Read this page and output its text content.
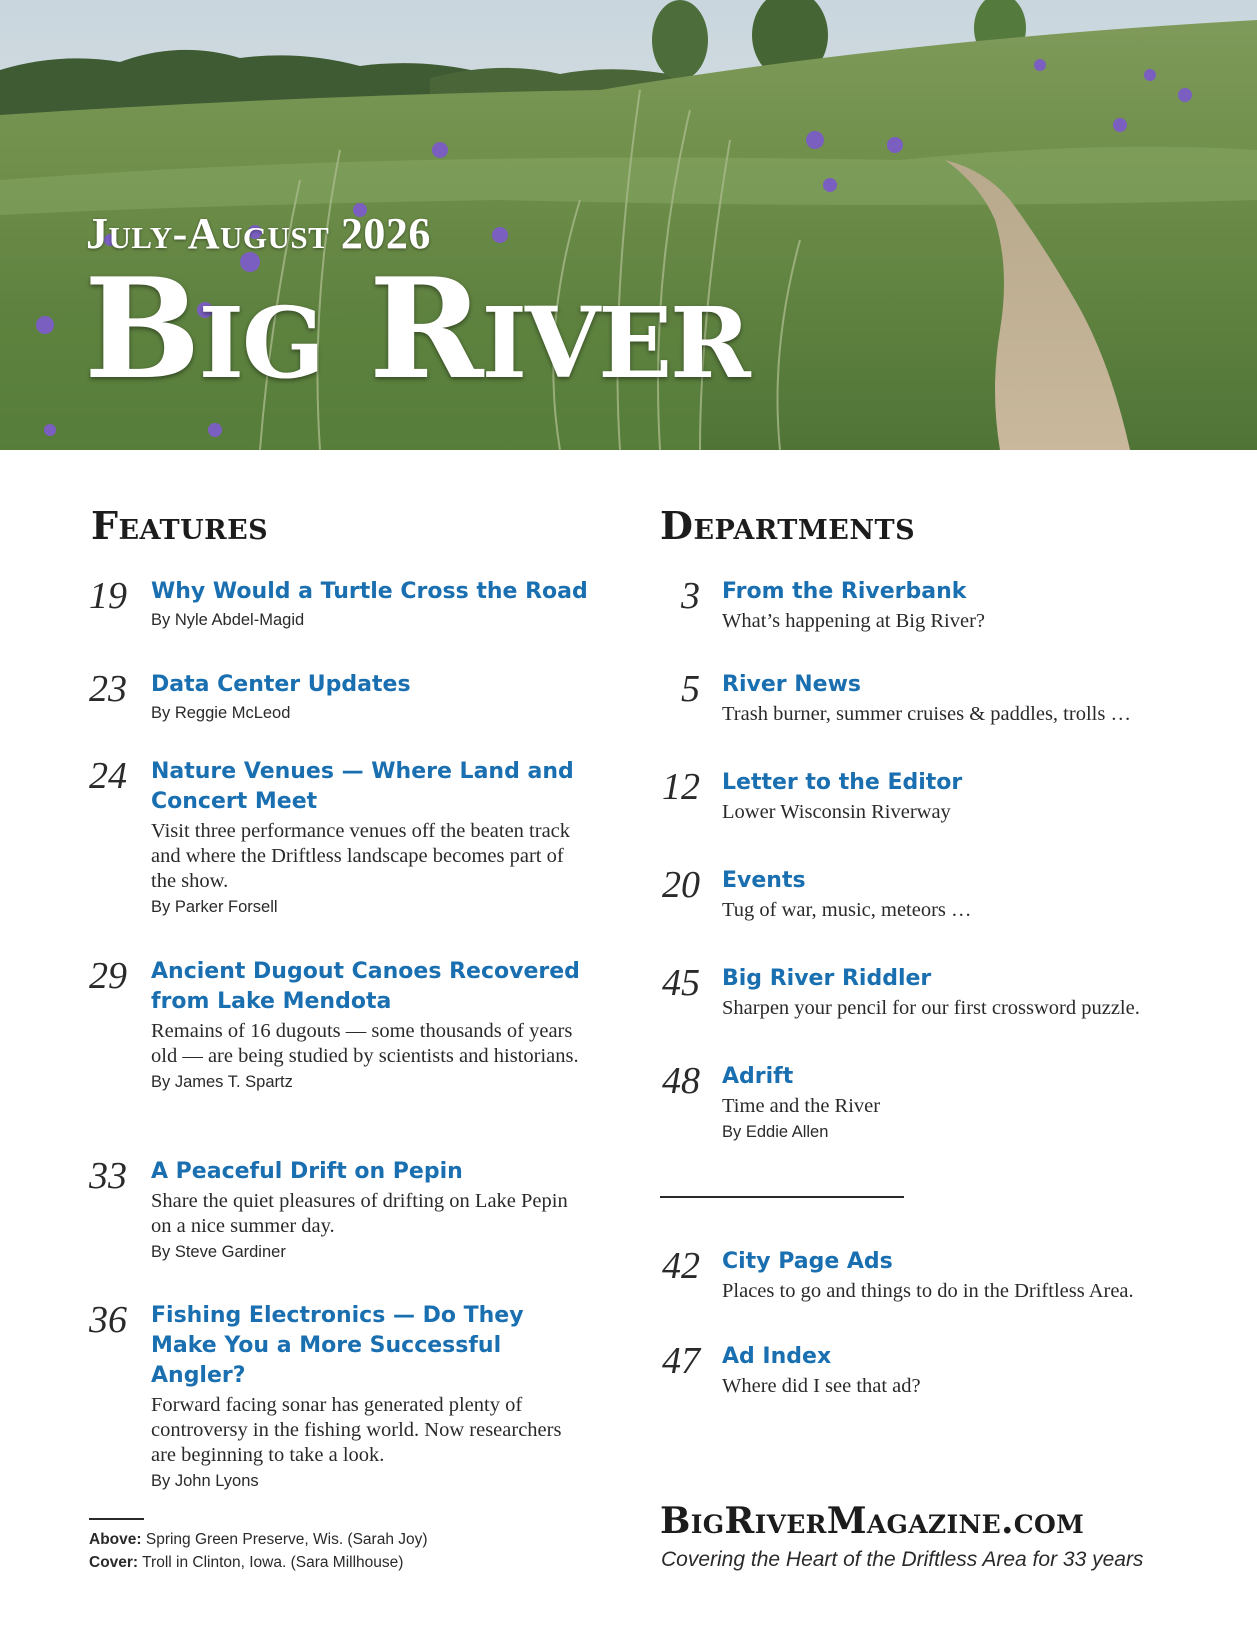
July-August 2026
Big River
Features
19 Why Would a Turtle Cross the Road
By Nyle Abdel-Magid
23 Data Center Updates
By Reggie McLeod
24 Nature Venues — Where Land and Concert Meet
Visit three performance venues off the beaten track and where the Driftless landscape becomes part of the show.
By Parker Forsell
29 Ancient Dugout Canoes Recovered from Lake Mendota
Remains of 16 dugouts — some thousands of years old — are being studied by scientists and historians.
By James T. Spartz
33 A Peaceful Drift on Pepin
Share the quiet pleasures of drifting on Lake Pepin on a nice summer day.
By Steve Gardiner
36 Fishing Electronics — Do They Make You a More Successful Angler?
Forward facing sonar has generated plenty of controversy in the fishing world. Now researchers are beginning to take a look.
By John Lyons
Departments
3 From the Riverbank
What’s happening at Big River?
5 River News
Trash burner, summer cruises & paddles, trolls …
12 Letter to the Editor
Lower Wisconsin Riverway
20 Events
Tug of war, music, meteors …
45 Big River Riddler
Sharpen your pencil for our first crossword puzzle.
48 Adrift
Time and the River
By Eddie Allen
42 City Page Ads
Places to go and things to do in the Driftless Area.
47 Ad Index
Where did I see that ad?
Above: Spring Green Preserve, Wis. (Sarah Joy)
Cover: Troll in Clinton, Iowa. (Sara Millhouse)
BigRiverMagazine.com
Covering the Heart of the Driftless Area for 33 years
